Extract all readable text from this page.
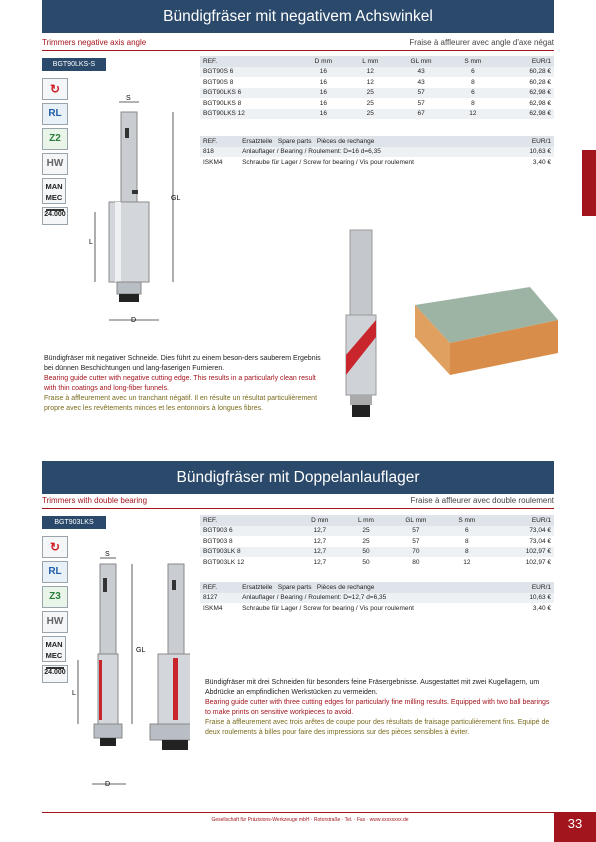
Bündigfräser mit negativem Achswinkel
Trimmers negative axis angle	Fraise à affleurer avec angle d'axe négat
BGT90LKS-S
↻
RL
Z2
HW
MAN
MEC
24.000
S
GL
L
D
REF.	D mm	L mm	GL mm	S mm	EUR/1
BGT90S 6	16	12	43	6	60,28 €
BGT90S 8	16	12	43	8	60,28 €
BGT90LKS 6	16	25	57	6	62,98 €
BGT90LKS 8	16	25	57	8	62,98 €
BGT90LKS 12	16	25	67	12	62,98 €
REF.	Ersatzteile Spare parts Pièces de rechange	EUR/1
818	Anlauflager / Bearing / Roulement: D=16 d=6,35	10,63 €
ISKM4	Schraube für Lager / Screw for bearing / Vis pour roulement	3,40 €
Bündigfräser mit negativer Schneide. Dies führt zu einem beson-ders sauberem Ergebnis bei dünnen Beschichtungen und lang-faserigen Furnieren.
Bearing guide cutter with negative cutting edge. This results in a particularly clean result with thin coatings and long-fiber funnels.
Fraise à affleurement avec un tranchant négatif. Il en résulte un résultat particulièrement propre avec les revêtements minces et les entonnoirs à longues fibres.
Bündigfräser mit Doppelanlauflager
Trimmers with double bearing	Fraise à affleurer avec double roulement
BGT903LKS
↻
RL
Z3
HW
MAN
MEC
24.000
S
GL
L
D
REF.	D mm	L mm	GL mm	S mm	EUR/1
BGT903 6	12,7	25	57	6	73,04 €
BGT903 8	12,7	25	57	8	73,04 €
BGT903LK 8	12,7	50	70	8	102,97 €
BGT903LK 12	12,7	50	80	12	102,97 €
REF.	Ersatzteile Spare parts Pièces de rechange	EUR/1
8127	Anlauflager / Bearing / Roulement: D=12,7 d=6,35	10,63 €
ISKM4	Schraube für Lager / Screw for bearing / Vis pour roulement	3,40 €
Bündigfräser mit drei Schneiden für besonders feine Fräsergebnisse. Ausgestattet mit zwei Kugellagern, um Abdrücke an empfindlichen Werkstücken zu vermeiden.
Bearing guide cutter with three cutting edges for particularly fine milling results. Equipped with two ball bearings to make prints on sensitive workpieces to avoid.
Fraise à affleurement avec trois arêtes de coupe pour des résultats de fraisage particulièrement fins. Equipé de deux roulements à billes pour faire des impressions sur des pièces sensibles à éviter.
Gesellschaft für Präzisions-Werkzeuge mbH · Rotorstraße · Tel. · Fax · www.xxxxxxxx.de	33
